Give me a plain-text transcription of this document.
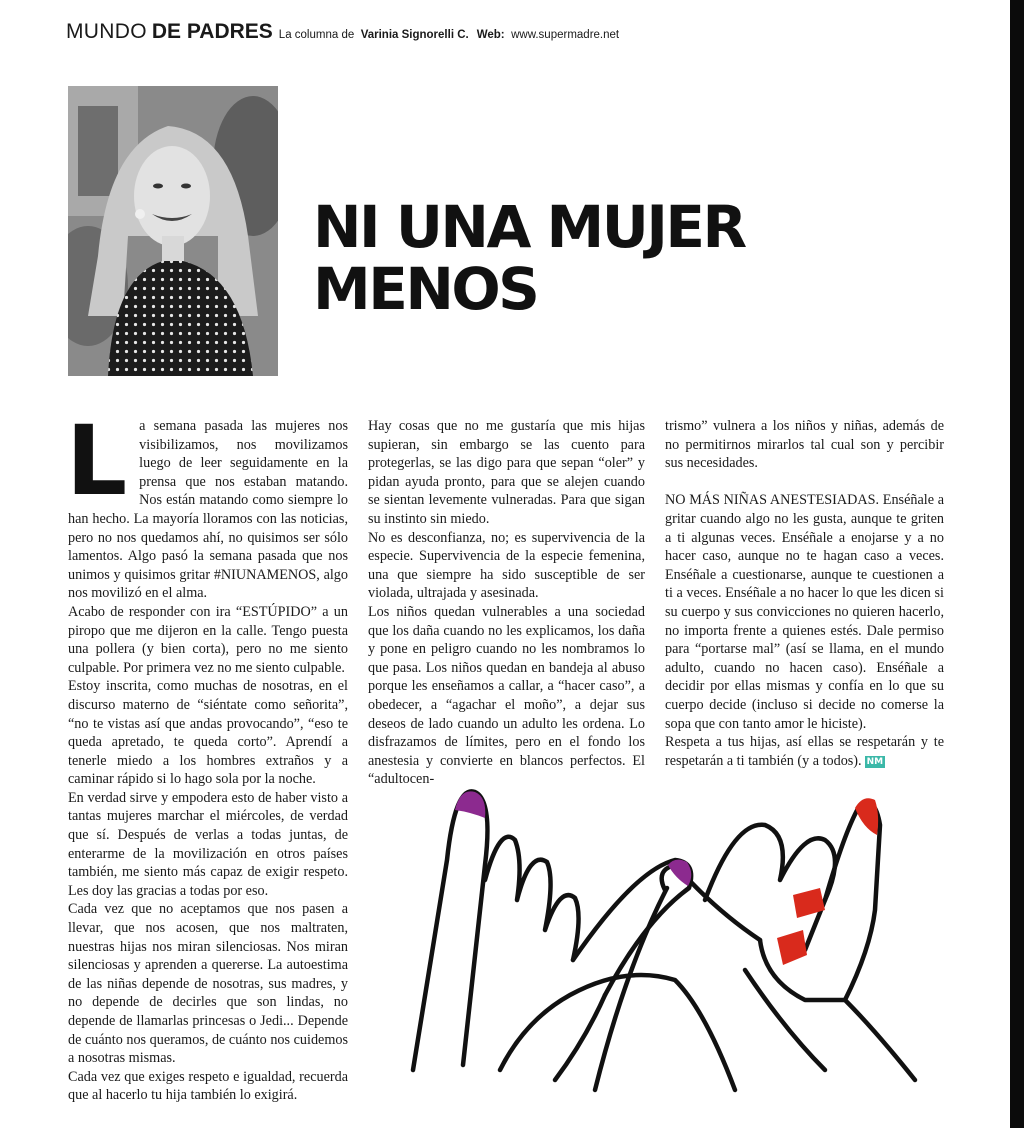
MUNDO DE PADRES La columna de Varinia Signorelli C. Web: www.supermadre.net
NI UNA MUJER
MENOS
L a semana pasada las mujeres nos visibilizamos, nos movilizamos luego de leer seguidamente en la prensa que nos estaban matando. Nos están matando como siempre lo han hecho. La mayoría lloramos con las noticias, pero no nos quedamos ahí, no quisimos ser sólo lamentos. Algo pasó la semana pasada que nos unimos y quisimos gritar #NIUNAMENOS, algo nos movilizó en el alma.

Acabo de responder con ira “ESTÚPIDO” a un piropo que me dijeron en la calle. Tengo puesta una pollera (y bien corta), pero no me siento culpable. Por primera vez no me siento culpable.

Estoy inscrita, como muchas de nosotras, en el discurso materno de “siéntate como señorita”, “no te vistas así que andas provocando”, “eso te queda apretado, te queda corto”. Aprendí a tenerle miedo a los hombres extraños y a caminar rápido si lo hago sola por la noche.

En verdad sirve y empodera esto de haber visto a tantas mujeres marchar el miércoles, de verdad que sí. Después de verlas a todas juntas, de enterarme de la movilización en otros países también, me siento más capaz de exigir respeto. Les doy las gracias a todas por eso.

Cada vez que no aceptamos que nos pasen a llevar, que nos acosen, que nos maltraten, nuestras hijas nos miran silenciosas. Nos miran silenciosas y aprenden a quererse. La autoestima de las niñas depende de nosotras, sus madres, y no depende de decirles que son lindas, no depende de llamarlas princesas o Jedi... Depende de cuánto nos queramos, de cuánto nos cuidemos a nosotras mismas.

Cada vez que exiges respeto e igualdad, recuerda que al hacerlo tu hija también lo exigirá.

Hay cosas que no me gustaría que mis hijas supieran, sin embargo se las cuento para protegerlas, se las digo para que sepan “oler” y pidan ayuda pronto, para que se alejen cuando se sientan levemente vulneradas. Para que sigan su instinto sin miedo.

No es desconfianza, no; es supervivencia de la especie. Supervivencia de la especie femenina, una que siempre ha sido susceptible de ser violada, ultrajada y asesinada.

Los niños quedan vulnerables a una sociedad que los daña cuando no les explicamos, los daña y pone en peligro cuando no les nombramos lo que pasa. Los niños quedan en bandeja al abuso porque les enseñamos a callar, a “hacer caso”, a obedecer, a “agachar el moño”, a dejar sus deseos de lado cuando un adulto les ordena. Lo disfrazamos de límites, pero en el fondo los anestesia y convierte en blancos perfectos. El “adultocen-

trismo” vulnera a los niños y niñas, además de no permitirnos mirarlos tal cual son y percibir sus necesidades.

NO MÁS NIÑAS ANESTESIADAS. Enséñale a gritar cuando algo no les gusta, aunque te griten a ti algunas veces. Enséñale a enojarse y a no hacer caso, aunque no te hagan caso a veces. Enséñale a cuestionarse, aunque te cuestionen a ti a veces. Enséñale a no hacer lo que les dicen si su cuerpo y sus convicciones no quieren hacerlo, no importa frente a quienes estés. Dale permiso para “portarse mal” (así se llama, en el mundo adulto, cuando no hacen caso). Enséñale a decidir por ellas mismas y confía en lo que su cuerpo decide (incluso si decide no comerse la sopa que con tanto amor le hiciste).

Respeta a tus hijas, así ellas se respetarán y te respetarán a ti también (y a todos). NM
